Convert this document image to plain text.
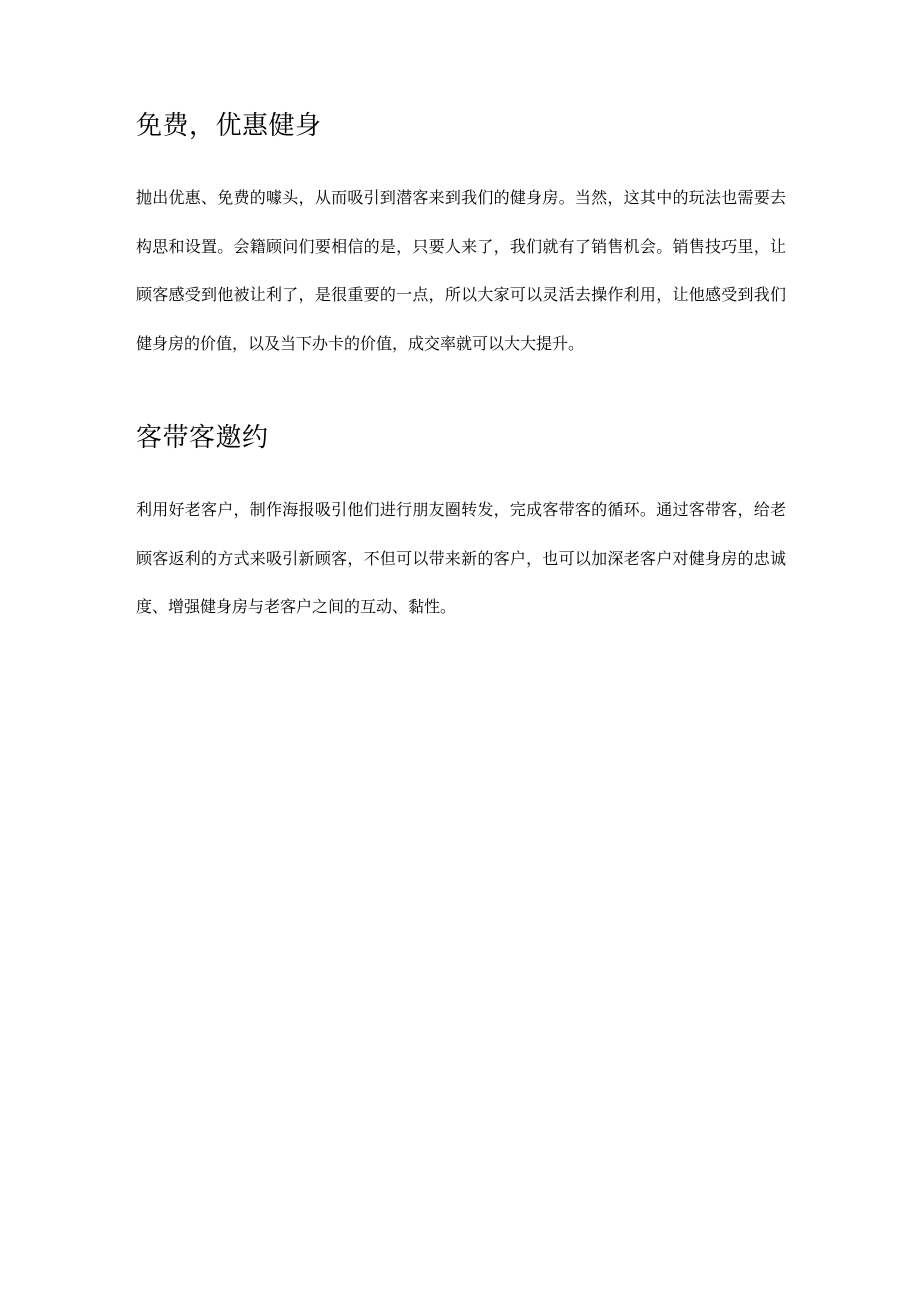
免费，优惠健身

抛出优惠、免费的噱头，从而吸引到潜客来到我们的健身房。当然，这其中的玩法也需要去构思和设置。会籍顾问们要相信的是，只要人来了，我们就有了销售机会。销售技巧里，让顾客感受到他被让利了，是很重要的一点，所以大家可以灵活去操作利用，让他感受到我们健身房的价值，以及当下办卡的价值，成交率就可以大大提升。

客带客邀约

利用好老客户，制作海报吸引他们进行朋友圈转发，完成客带客的循环。通过客带客，给老顾客返利的方式来吸引新顾客，不但可以带来新的客户，也可以加深老客户对健身房的忠诚度、增强健身房与老客户之间的互动、黏性。
